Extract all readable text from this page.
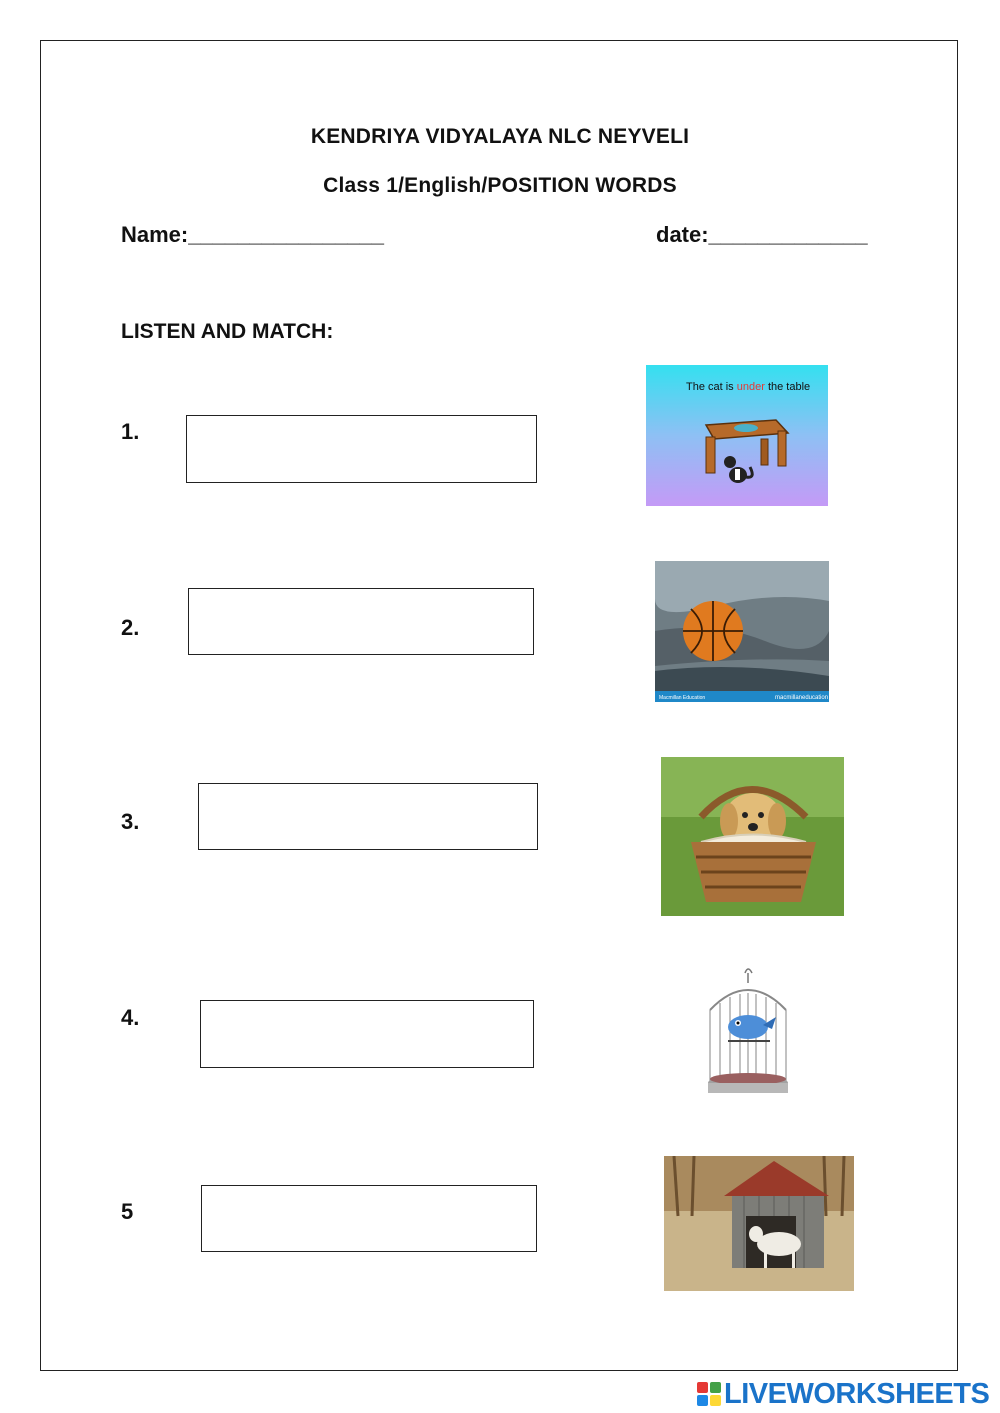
KENDRIYA VIDYALAYA NLC NEYVELI
Class 1/English/POSITION WORDS
Name:________________	date:_____________
LISTEN AND MATCH:
1.
The cat is under the table
2.
Macmillan Education	macmillaneducation
3.
4.
5
LIVEWORKSHEETS
